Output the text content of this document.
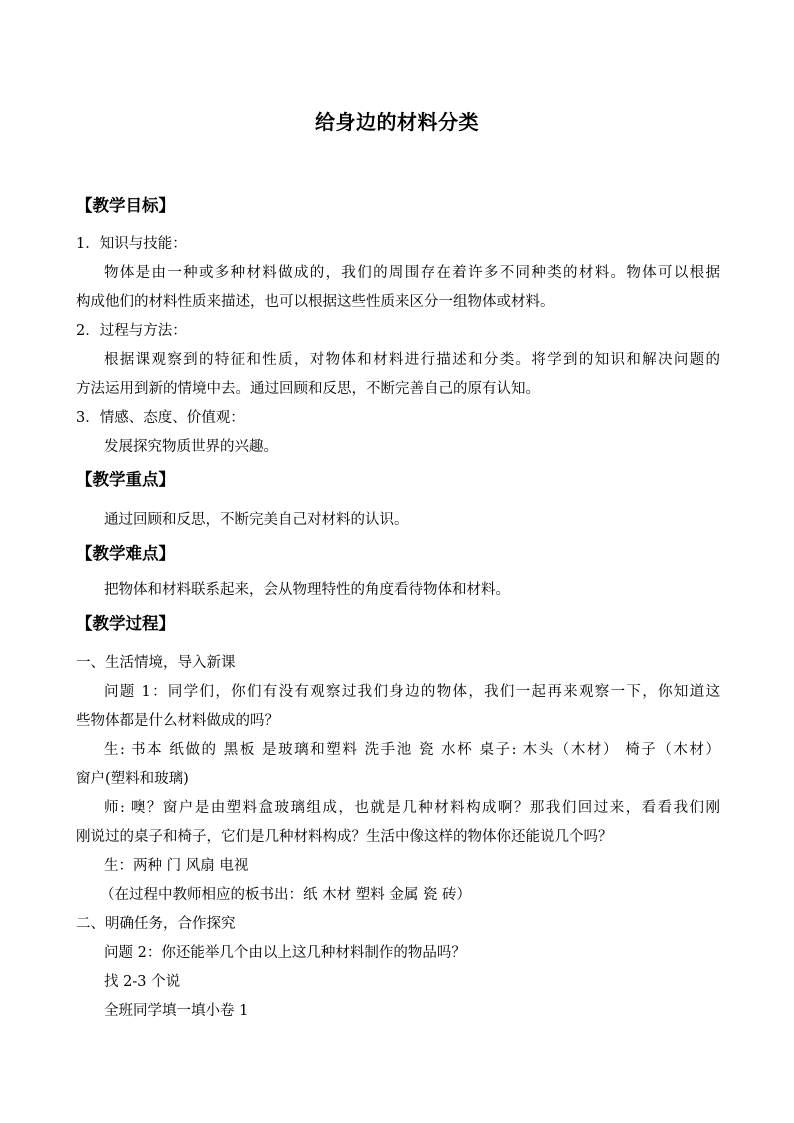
给身边的材料分类
【教学目标】
1．知识与技能：
物体是由一种或多种材料做成的，我们的周围存在着许多不同种类的材料。物体可以根据
构成他们的材料性质来描述，也可以根据这些性质来区分一组物体或材料。
2．过程与方法：
根据课观察到的特征和性质，对物体和材料进行描述和分类。将学到的知识和解决问题的
方法运用到新的情境中去。通过回顾和反思，不断完善自己的原有认知。
3．情感、态度、价值观：
发展探究物质世界的兴趣。
【教学重点】
通过回顾和反思，不断完美自己对材料的认识。
【教学难点】
把物体和材料联系起来，会从物理特性的角度看待物体和材料。
【教学过程】
一、生活情境，导入新课
问题 1：同学们，你们有没有观察过我们身边的物体，我们一起再来观察一下，你知道这
些物体都是什么材料做成的吗？
生: 书本 纸做的 黑板 是玻璃和塑料 洗手池 瓷 水杯 桌子: 木头（木材） 椅子（木材）
窗户(塑料和玻璃)
师: 噢？窗户是由塑料盒玻璃组成，也就是几种材料构成啊？那我们回过来，看看我们刚
刚说过的桌子和椅子，它们是几种材料构成？生活中像这样的物体你还能说几个吗？
生：两种 门 风扇 电视
（在过程中教师相应的板书出：纸 木材 塑料 金属 瓷 砖）
二、明确任务，合作探究
问题 2：你还能举几个由以上这几种材料制作的物品吗？
找 2-3 个说
全班同学填一填小卷 1
